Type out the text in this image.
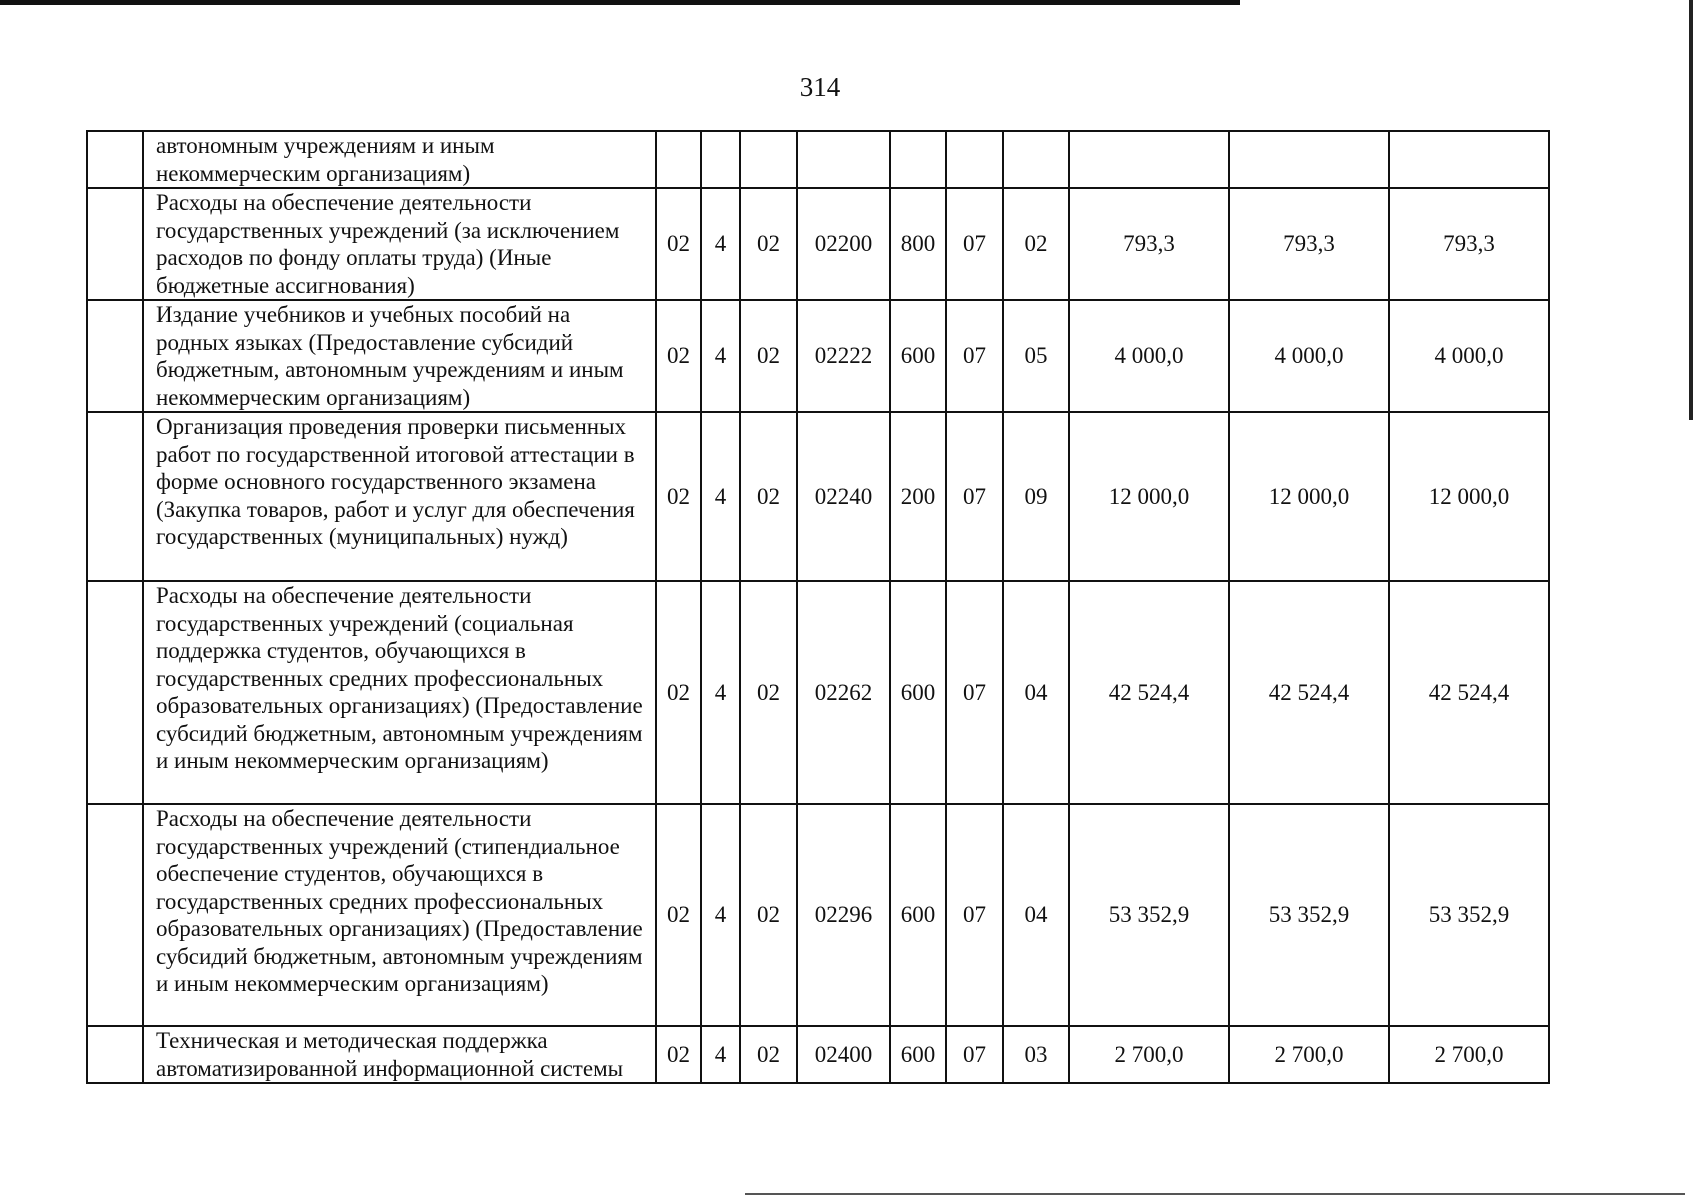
314
	автономным учреждениям и иным некоммерческим организациям)										
	Расходы на обеспечение деятельности государственных учреждений (за исключением расходов по фонду оплаты труда) (Иные бюджетные ассигнования)	02	4	02	02200	800	07	02	793,3	793,3	793,3
	Издание учебников и учебных пособий на родных языках (Предоставление субсидий бюджетным, автономным учреждениям и иным некоммерческим организациям)	02	4	02	02222	600	07	05	4 000,0	4 000,0	4 000,0
	Организация проведения проверки письменных работ по государственной итоговой аттестации в форме основного государственного экзамена (Закупка товаров, работ и услуг для обеспечения государственных (муниципальных) нужд)	02	4	02	02240	200	07	09	12 000,0	12 000,0	12 000,0
	Расходы на обеспечение деятельности государственных учреждений (социальная поддержка студентов, обучающихся в государственных средних профессиональных образовательных организациях) (Предоставление субсидий бюджетным, автономным учреждениям и иным некоммерческим организациям)	02	4	02	02262	600	07	04	42 524,4	42 524,4	42 524,4
	Расходы на обеспечение деятельности государственных учреждений (стипендиальное обеспечение студентов, обучающихся в государственных средних профессиональных образовательных организациях) (Предоставление субсидий бюджетным, автономным учреждениям и иным некоммерческим организациям)	02	4	02	02296	600	07	04	53 352,9	53 352,9	53 352,9
	Техническая и методическая поддержка автоматизированной информационной системы	02	4	02	02400	600	07	03	2 700,0	2 700,0	2 700,0
